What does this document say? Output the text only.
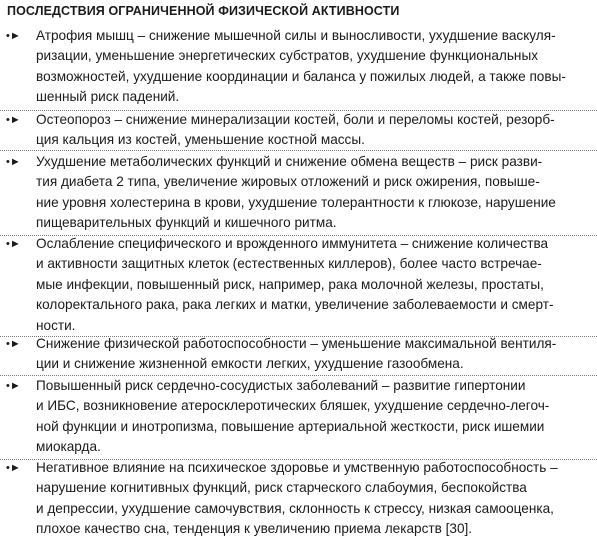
ПОСЛЕДСТВИЯ ОГРАНИЧЕННОЙ ФИЗИЧЕСКОЙ АКТИВНОСТИ
•► Атрофия мышц – снижение мышечной силы и выносливости, ухудшение васкуля-
ризации, уменьшение энергетических субстратов, ухудшение функциональных
возможностей, ухудшение координации и баланса у пожилых людей, а также повы-
шенный риск падений.
•► Остеопороз – снижение минерализации костей, боли и переломы костей, резорб-
ция кальция из костей, уменьшение костной массы.
•► Ухудшение метаболических функций и снижение обмена веществ – риск разви-
тия диабета 2 типа, увеличение жировых отложений и риск ожирения, повыше-
ние уровня холестерина в крови, ухудшение толерантности к глюкозе, нарушение
пищеварительных функций и кишечного ритма.
•► Ослабление специфического и врожденного иммунитета – снижение количества
и активности защитных клеток (естественных киллеров), более часто встречае-
мые инфекции, повышенный риск, например, рака молочной железы, простаты,
колоректального рака, рака легких и матки, увеличение заболеваемости и смерт-
ности.
•► Снижение физической работоспособности – уменьшение максимальной вентиля-
ции и снижение жизненной емкости легких, ухудшение газообмена.
•► Повышенный риск сердечно-сосудистых заболеваний – развитие гипертонии
и ИБС, возникновение атеросклеротических бляшек, ухудшение сердечно-легоч-
ной функции и инотропизма, повышение артериальной жесткости, риск ишемии
миокарда.
•► Негативное влияние на психическое здоровье и умственную работоспособность –
нарушение когнитивных функций, риск старческого слабоумия, беспокойства
и депрессии, ухудшение самочувствия, склонность к стрессу, низкая самооценка,
плохое качество сна, тенденция к увеличению приема лекарств [30].
